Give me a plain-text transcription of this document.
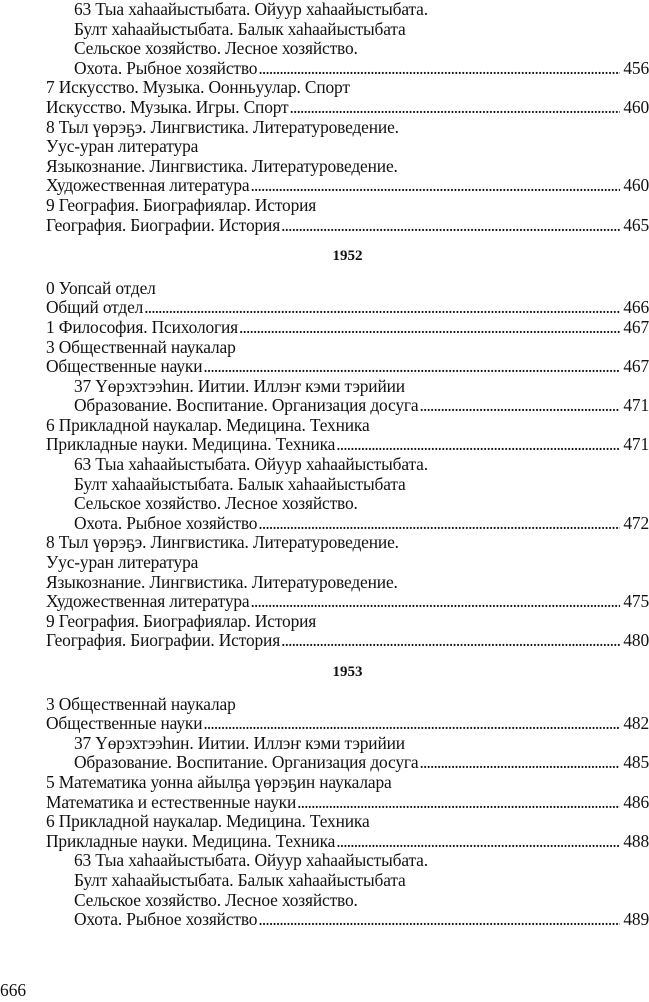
63 Тыа хаһаайыстыбата. Ойуур хаһаайыстыбата.
Булт хаһаайыстыбата. Балык хаһаайыстыбата
Сельское хозяйство. Лесное хозяйство.
Охота. Рыбное хозяйство . . .	456
7 Искусство. Музыка. Оонньуулар. Спорт
Искусство. Музыка. Игры. Спорт . . .	460
8 Тыл үөрэҕэ. Лингвистика. Литературоведение.
Уус-уран литература
Языкознание. Лингвистика. Литературоведение.
Художественная литература . . .	460
9 География. Биографиялар. История
География. Биографии. История . . .	465
1952
0 Уопсай отдел
Общий отдел . . .	466
1 Философия. Психология . . .	467
3 Общественнай наукалар
Общественные науки . . .	467
37 Үөрэхтээһин. Иитии. Иллэҥ кэми тэрийии
Образование. Воспитание. Организация досуга . . .	471
6 Прикладной наукалар. Медицина. Техника
Прикладные науки. Медицина. Техника . . .	471
63 Тыа хаһаайыстыбата. Ойуур хаһаайыстыбата.
Булт хаһаайыстыбата. Балык хаһаайыстыбата
Сельское хозяйство. Лесное хозяйство.
Охота. Рыбное хозяйство . . .	472
8 Тыл үөрэҕэ. Лингвистика. Литературоведение.
Уус-уран литература
Языкознание. Лингвистика. Литературоведение.
Художественная литература . . .	475
9 География. Биографиялар. История
География. Биографии. История . . .	480
1953
3 Общественнай наукалар
Общественные науки . . .	482
37 Үөрэхтээһин. Иитии. Иллэҥ кэми тэрийии
Образование. Воспитание. Организация досуга . . .	485
5 Математика уонна айылҕа үөрэҕин наукалара
Математика и естественные науки . . .	486
6 Прикладной наукалар. Медицина. Техника
Прикладные науки. Медицина. Техника . . .	488
63 Тыа хаһаайыстыбата. Ойуур хаһаайыстыбата.
Булт хаһаайыстыбата. Балык хаһаайыстыбата
Сельское хозяйство. Лесное хозяйство.
Охота. Рыбное хозяйство . . .	489
666
